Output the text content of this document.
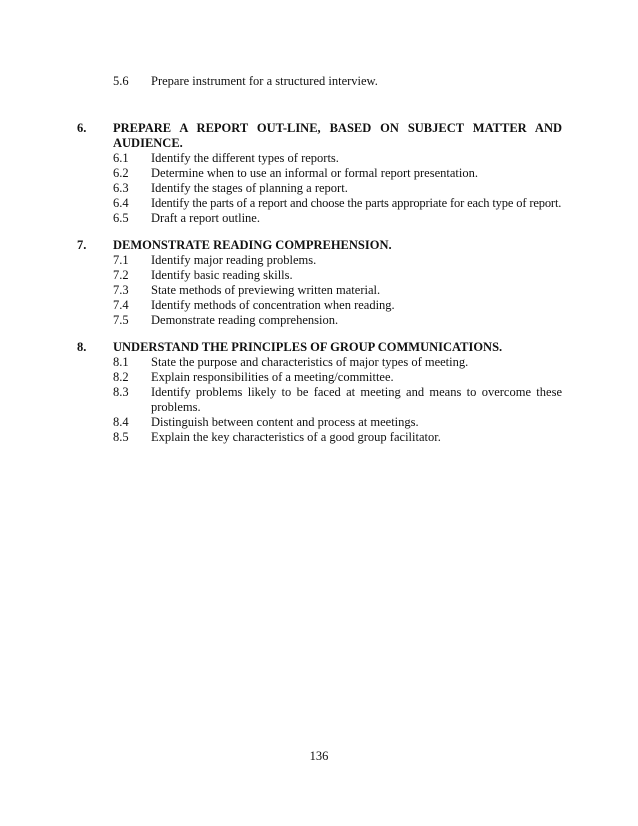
5.6 Prepare instrument for a structured interview.
6. PREPARE A REPORT OUT-LINE, BASED ON SUBJECT MATTER AND AUDIENCE.
6.1 Identify the different types of reports.
6.2 Determine when to use an informal or formal report presentation.
6.3 Identify the stages of planning a report.
6.4 Identify the parts of a report and choose the parts appropriate for each type of report.
6.5 Draft a report outline.
7. DEMONSTRATE READING COMPREHENSION.
7.1 Identify major reading problems.
7.2 Identify basic reading skills.
7.3 State methods of previewing written material.
7.4 Identify methods of concentration when reading.
7.5 Demonstrate reading comprehension.
8. UNDERSTAND THE PRINCIPLES OF GROUP COMMUNICATIONS.
8.1 State the purpose and characteristics of major types of meeting.
8.2 Explain responsibilities of a meeting/committee.
8.3 Identify problems likely to be faced at meeting and means to overcome these problems.
8.4 Distinguish between content and process at meetings.
8.5 Explain the key characteristics of a good group facilitator.
136
